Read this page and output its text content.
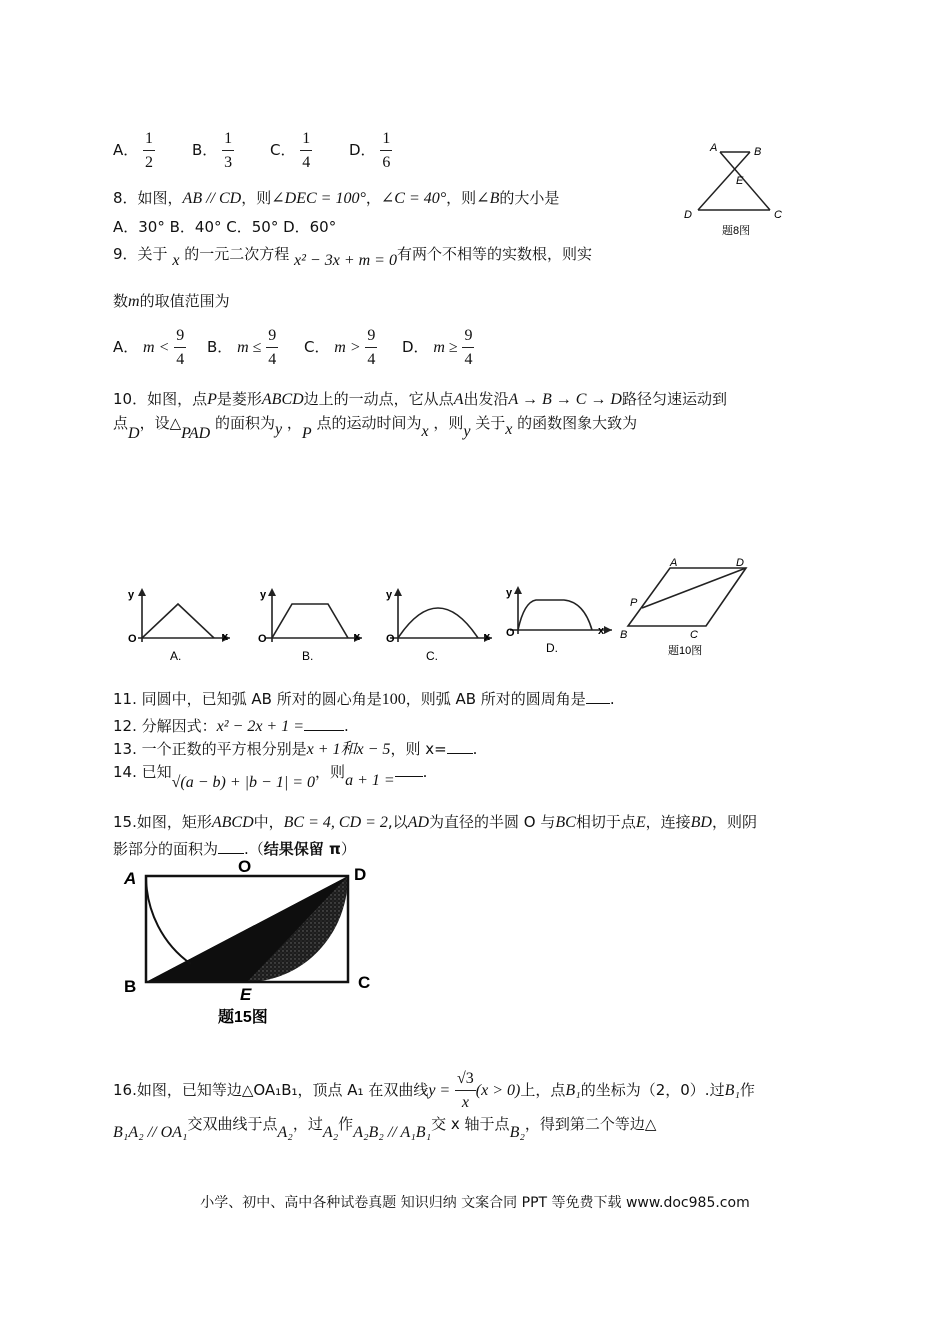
A． $\frac{1}{2}$ B． $\frac{1}{3}$ C． $\frac{1}{4}$ D． $\frac{1}{6}$	A	B
E
D	C
题8图
8．如图，AB // CD，则∠DEC = 100°，∠C = 40°，则∠B的大小是
A．30° B．40° C．50° D．60°
9．关于 x 的一元二次方程 x² − 3x + m = 0有两个不相等的实数根，则实
数m的取值范围为
A． $m < \frac{9}{4}$ B． $m \le \frac{9}{4}$ C． $m > \frac{9}{4}$ D． $m \ge \frac{9}{4}$
10．如图，点P是菱形ABCD边上的一动点，它从点A出发沿A → B → C → D路径匀速运动到
点D，设△PAD 的面积为y ，P 点的运动时间为x ，则y 关于x 的函数图象大致为
y
x
O
A.
y
x
O
B.
y
x
O
C.
y
x
O
D.
A	D
P
B	C
题10图
11. 同圆中，已知弧 AB 所对的圆心角是100，则弧 AB 所对的圆周角是 .
12. 分解因式：x² − 2x + 1 =	.
13. 一个正数的平方根分别是x + 1和x − 5，则 x= .
14. 已知√(a − b) + |b − 1| = 0，则a + 1 = .
15.如图，矩形ABCD中，BC = 4, CD = 2,以AD为直径的半圆 O 与BC相切于点E，连接BD，则阴
影部分的面积为 .（结果保留 π）
A
O	D
B	E
C
题15图
16.如图，已知等边△OA₁B₁，顶点 A₁ 在双曲线$y = \frac{√3}{x} (x > 0)$上，点B₁的坐标为（2，0）.过B₁作
B₁A₂ // OA₁交双曲线于点A₂，过A₂作A₂B₂ // A₁B₁交 x 轴于点B₂，得到第二个等边△
小学、初中、高中各种试卷真题 知识归纳 文案合同 PPT 等免费下载 www.doc985.com
